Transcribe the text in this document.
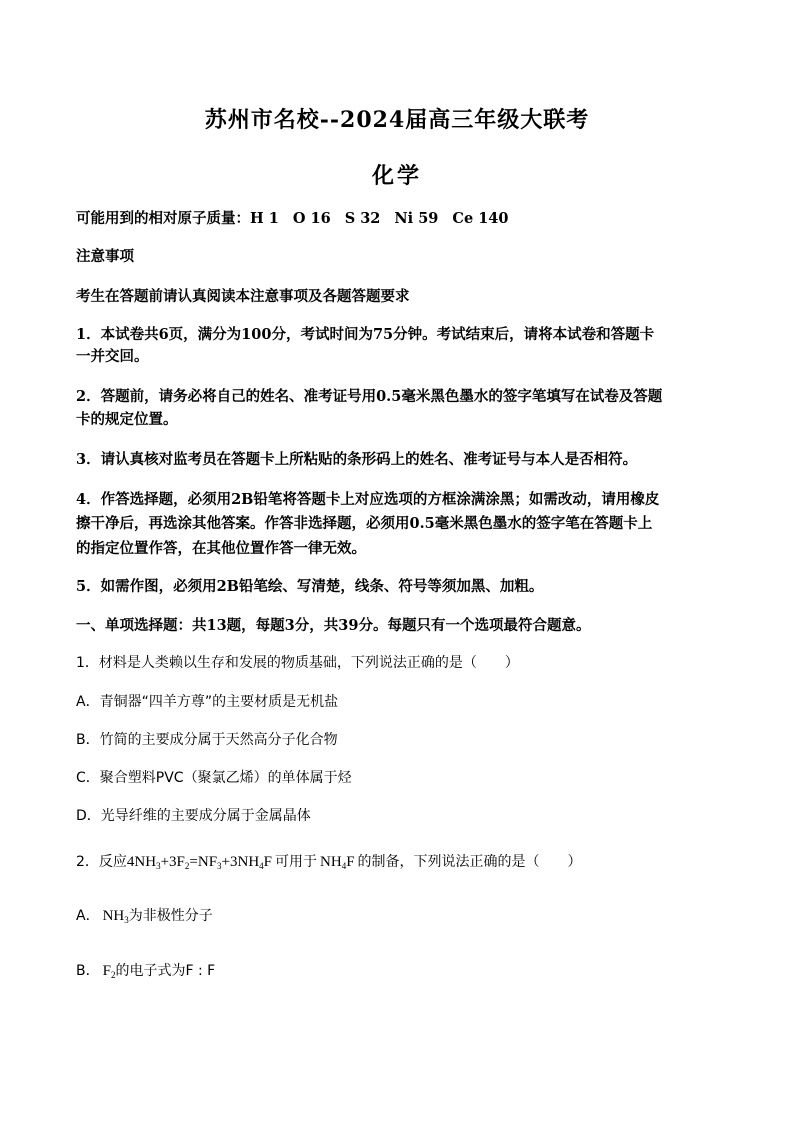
苏州市名校--2024届高三年级大联考
化学
可能用到的相对原子质量：H 1 O 16 S 32 Ni 59 Ce 140
注意事项
考生在答题前请认真阅读本注意事项及各题答题要求
1．本试卷共6页，满分为100分，考试时间为75分钟。考试结束后，请将本试卷和答题卡
一并交回。
2．答题前，请务必将自己的姓名、准考证号用0.5毫米黑色墨水的签字笔填写在试卷及答题
卡的规定位置。
3．请认真核对监考员在答题卡上所粘贴的条形码上的姓名、准考证号与本人是否相符。
4．作答选择题，必须用2B铅笔将答题卡上对应选项的方框涂满涂黑；如需改动，请用橡皮
擦干净后，再选涂其他答案。作答非选择题，必须用0.5毫米黑色墨水的签字笔在答题卡上
的指定位置作答，在其他位置作答一律无效。
5．如需作图，必须用2B铅笔绘、写清楚，线条、符号等须加黑、加粗。
一、单项选择题：共13题，每题3分，共39分。每题只有一个选项最符合题意。
1．材料是人类赖以生存和发展的物质基础，下列说法正确的是（　　）
A．青铜器“四羊方尊”的主要材质是无机盐
B．竹简的主要成分属于天然高分子化合物
C．聚合塑料PVC（聚氯乙烯）的单体属于烃
D．光导纤维的主要成分属于金属晶体
2．反应$4NH_3+3F_2=NF_3+3NH_4F$ 可用于 $NH_4F$ 的制备，下列说法正确的是（　　）
A． $NH_3$为非极性分子
B． $F_2$的电子式为F : F
